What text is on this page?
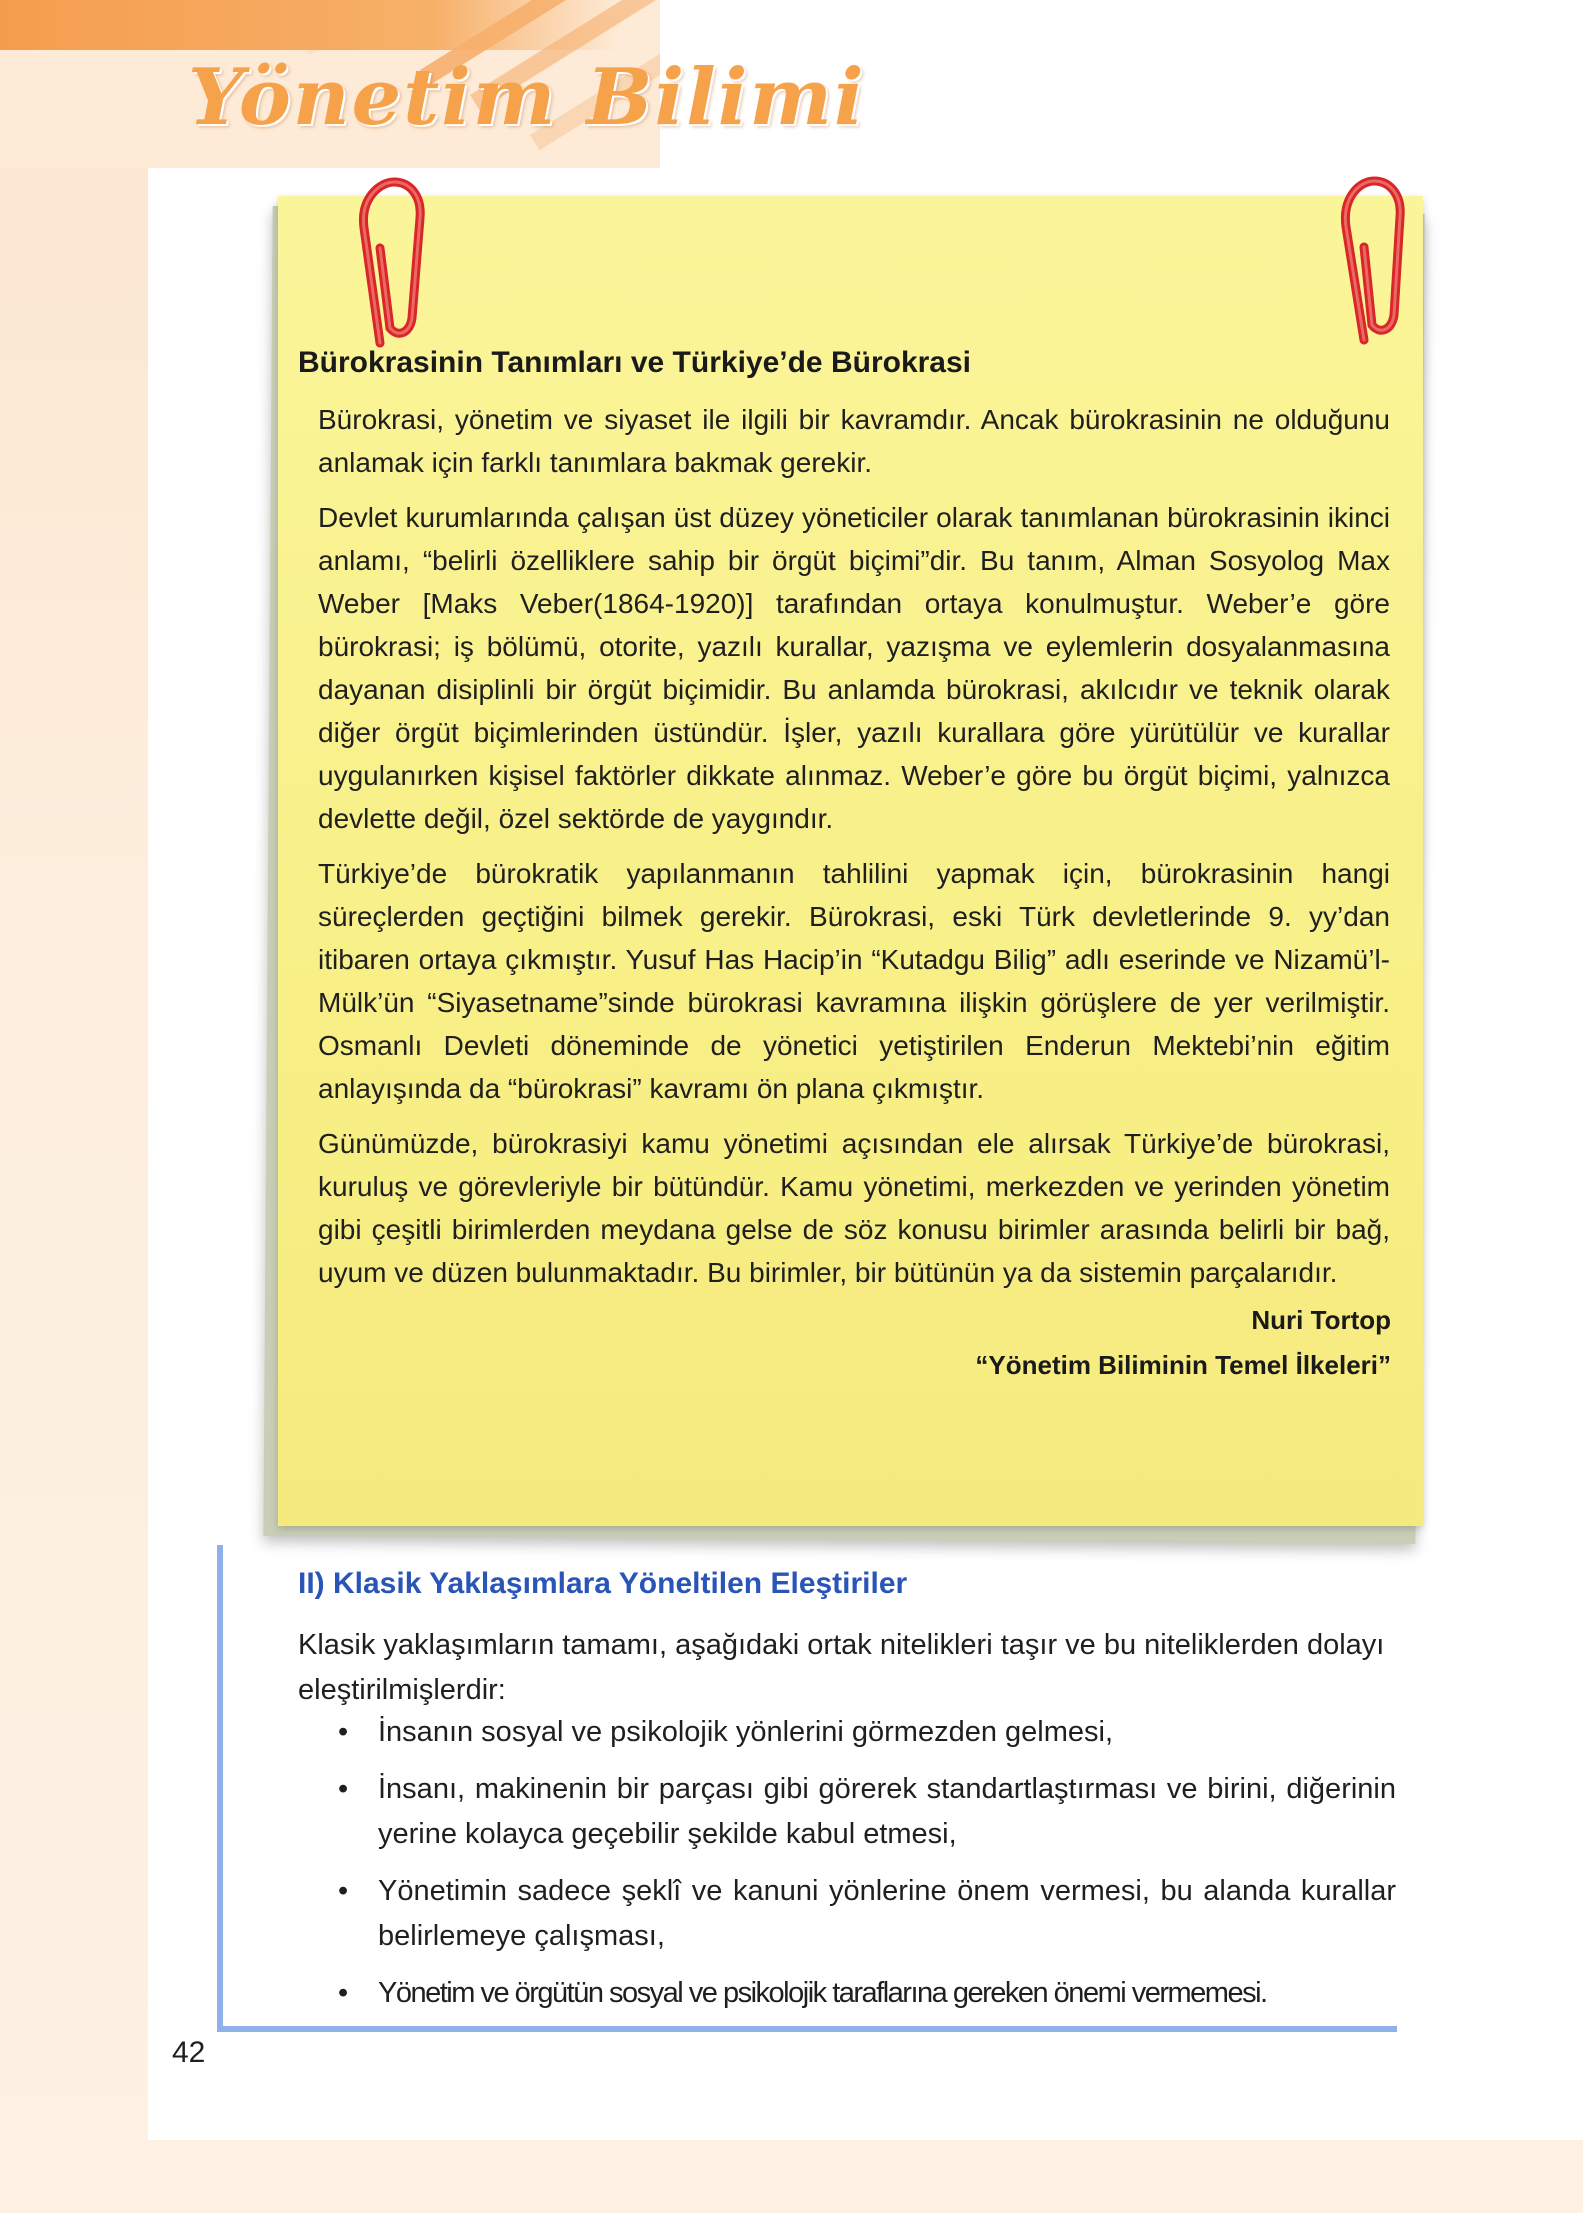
Yönetim Bilimi
Bürokrasinin Tanımları ve Türkiye’de Bürokrasi

Bürokrasi, yönetim ve siyaset ile ilgili bir kavramdır. Ancak bürokrasinin ne olduğunu anlamak için farklı tanımlara bakmak gerekir.

Devlet kurumlarında çalışan üst düzey yöneticiler olarak tanımlanan bürokrasinin ikinci anlamı, “belirli özelliklere sahip bir örgüt biçimi”dir. Bu tanım, Alman Sosyolog Max Weber [Maks Veber(1864-1920)] tarafından ortaya konulmuştur. Weber’e göre bürokrasi; iş bölümü, otorite, yazılı kurallar, yazışma ve eylemlerin dosyalanmasına dayanan disiplinli bir örgüt biçimidir. Bu anlamda bürokrasi, akılcıdır ve teknik olarak diğer örgüt biçimlerinden üstündür. İşler, yazılı kurallara göre yürütülür ve kurallar uygulanırken kişisel faktörler dikkate alınmaz. Weber’e göre bu örgüt biçimi, yalnızca devlette değil, özel sektörde de yaygındır.

Türkiye’de bürokratik yapılanmanın tahlilini yapmak için, bürokrasinin hangi süreçlerden geçtiğini bilmek gerekir. Bürokrasi, eski Türk devletlerinde 9. yy’dan itibaren ortaya çıkmıştır. Yusuf Has Hacip’in “Kutadgu Bilig” adlı eserinde ve Nizamü’l-Mülk’ün “Siyasetname”sinde bürokrasi kavramına ilişkin görüşlere de yer verilmiştir. Osmanlı Devleti döneminde de yönetici yetiştirilen Enderun Mektebi’nin eğitim anlayışında da “bürokrasi” kavramı ön plana çıkmıştır.

Günümüzde, bürokrasiyi kamu yönetimi açısından ele alırsak Türkiye’de bürokrasi, kuruluş ve görevleriyle bir bütündür. Kamu yönetimi, merkezden ve yerinden yönetim gibi çeşitli birimlerden meydana gelse de söz konusu birimler arasında belirli bir bağ, uyum ve düzen bulunmaktadır. Bu birimler, bir bütünün ya da sistemin parçalarıdır.

Nuri Tortop
“Yönetim Biliminin Temel İlkeleri”
II) Klasik Yaklaşımlara Yöneltilen Eleştiriler

Klasik yaklaşımların tamamı, aşağıdaki ortak nitelikleri taşır ve bu niteliklerden dolayı eleştirilmişlerdir:

• İnsanın sosyal ve psikolojik yönlerini görmezden gelmesi,
• İnsanı, makinenin bir parçası gibi görerek standartlaştırması ve birini, diğerinin yerine kolayca geçebilir şekilde kabul etmesi,
• Yönetimin sadece şeklî ve kanuni yönlerine önem vermesi, bu alanda kurallar belirlemeye çalışması,
• Yönetim ve örgütün sosyal ve psikolojik taraflarına gereken önemi vermemesi.
42
